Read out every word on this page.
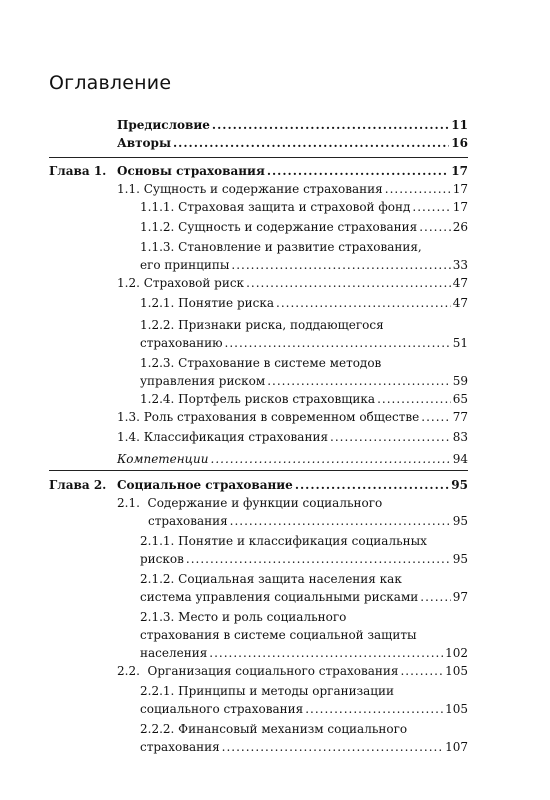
Оглавление
Предисловие .....	11
Авторы .....	16
Глава 1. Основы страхования .....	17
1.1. Сущность и содержание страхования .....	17
1.1.1. Страховая защита и страховой фонд .....	17
1.1.2. Сущность и содержание страхования .....	26
1.1.3. Становление и развитие страхования,
его принципы .....	33
1.2. Страховой риск .....	47
1.2.1. Понятие риска .....	47
1.2.2. Признаки риска, поддающегося
страхованию .....	51
1.2.3. Страхование в системе методов
управления риском .....	59
1.2.4. Портфель рисков страховщика .....	65
1.3. Роль страхования в современном обществе .....	77
1.4. Классификация страхования .....	83
Компетенции .....	94
Глава 2. Социальное страхование .....	95
2.1.  Содержание и функции социального
страхования .....	95
2.1.1. Понятие и классификация социальных
рисков .....	95
2.1.2. Социальная защита населения как
система управления социальными рисками .....	97
2.1.3. Место и роль социального
страхования в системе социальной защиты
населения .....	102
2.2.  Организация социального страхования .....	105
2.2.1. Принципы и методы организации
социального страхования .....	105
2.2.2. Финансовый механизм социального
страхования .....	107
